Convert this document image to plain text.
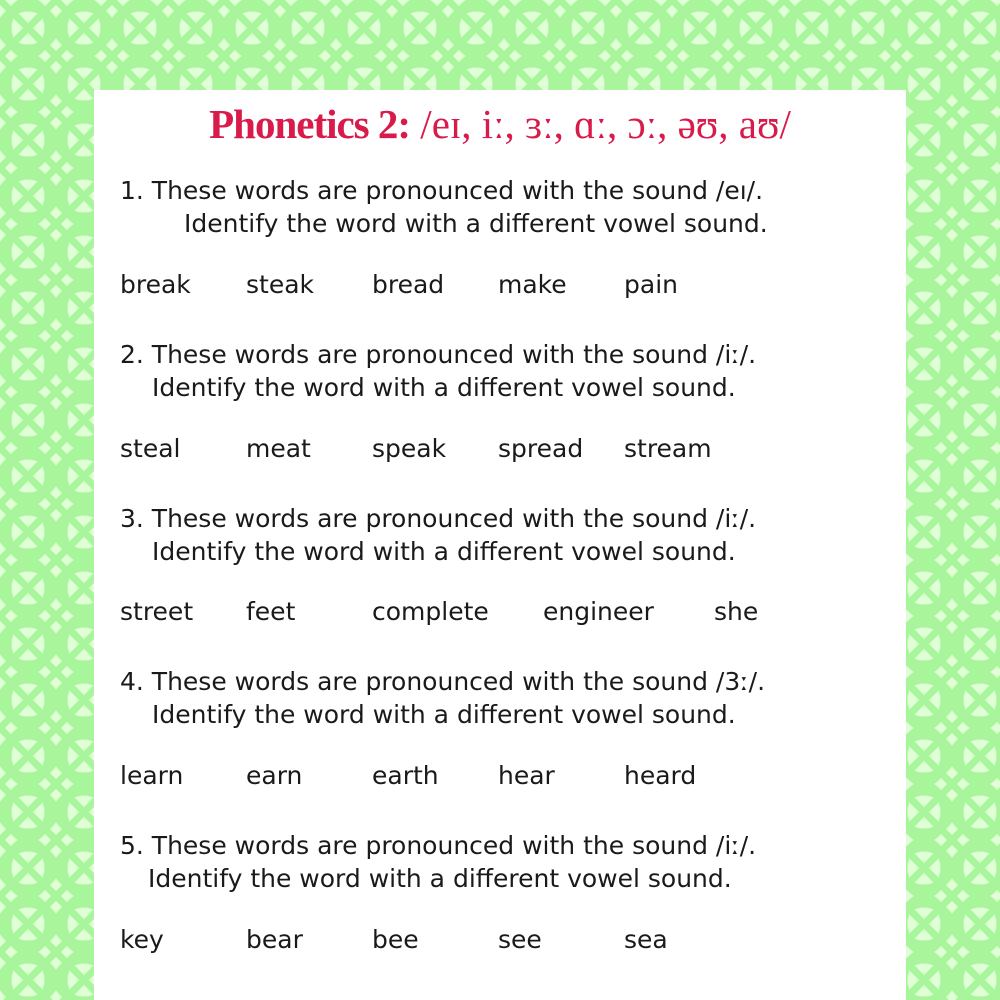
Phonetics 2: /eɪ, iː, ɜː, ɑː, ɔː, əʊ, aʊ/
1. These words are pronounced with the sound /eı/.
Identify the word with a different vowel sound.
break steak bread make pain
2. These words are pronounced with the sound /iː/.
Identify the word with a different vowel sound.
steal	meat speak spread stream
3. These words are pronounced with the sound /iː/.
Identify the word with a different vowel sound.
street feet	complete engineer she
4. These words are pronounced with the sound /3ː/.
Identify the word with a different vowel sound.
learn	earn	earth hear	heard
5. These words are pronounced with the sound /iː/.
Identify the word with a different vowel sound.
key	bear	bee	see	sea
